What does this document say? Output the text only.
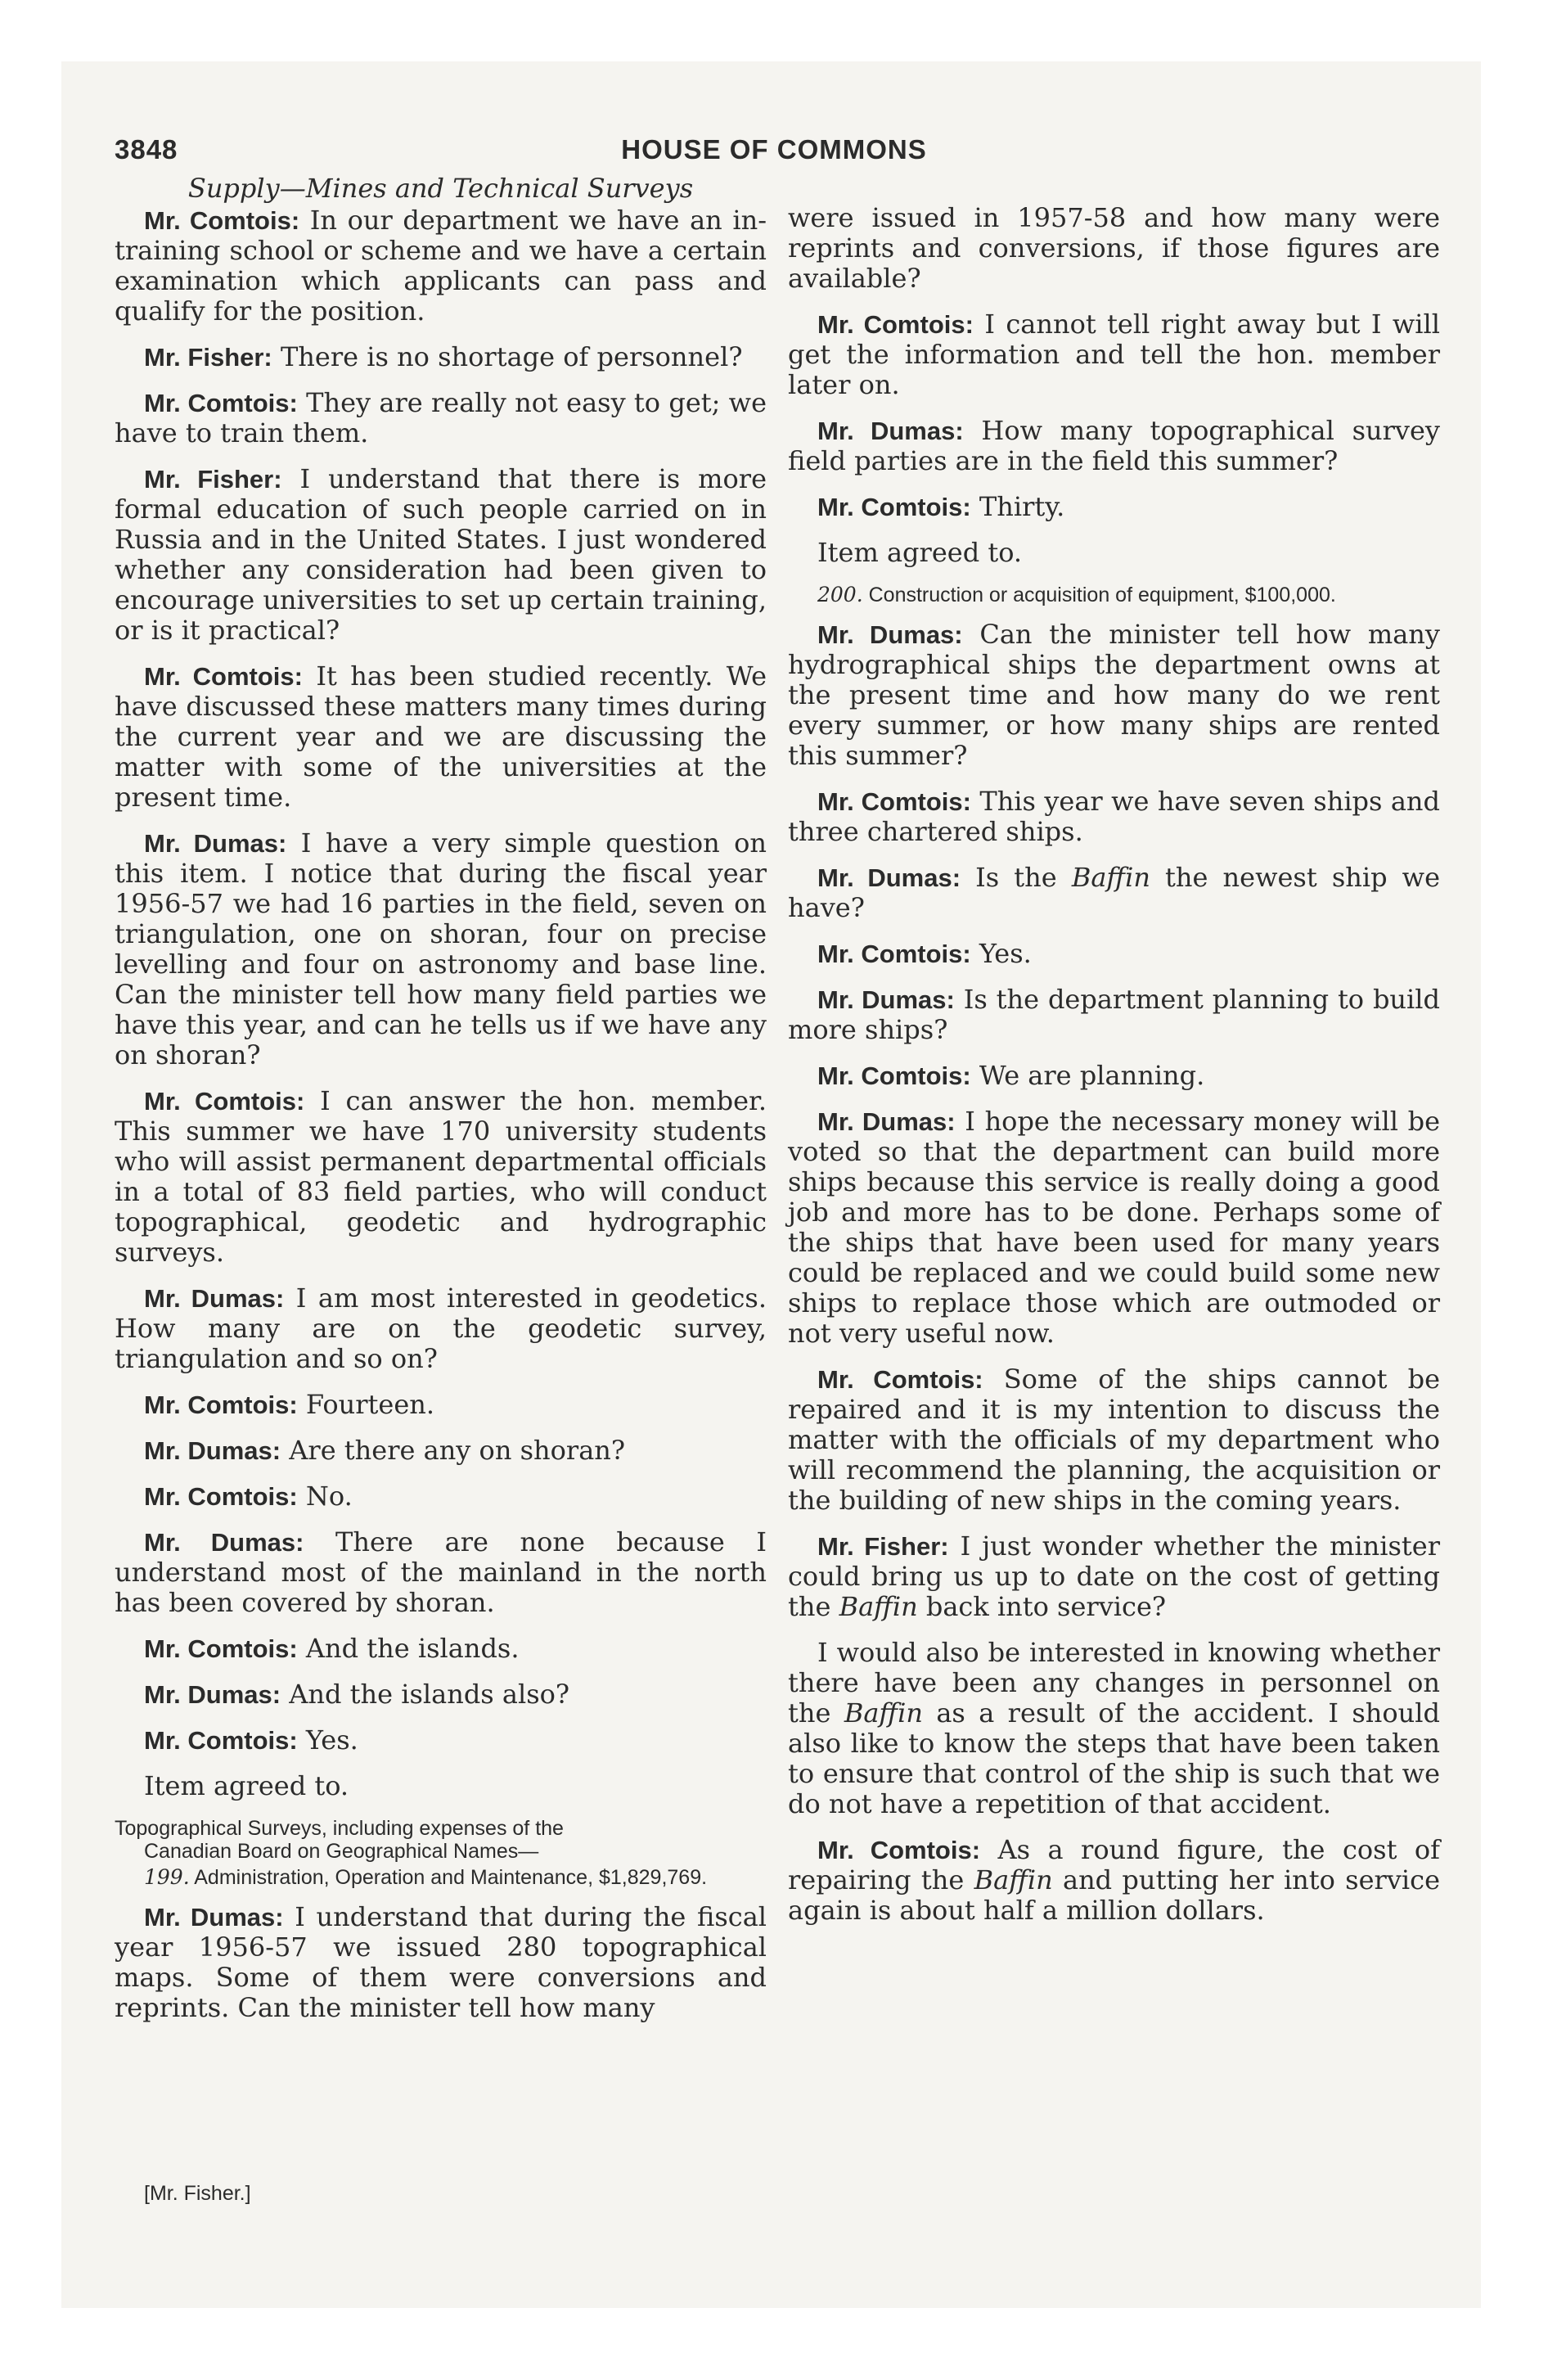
3848	HOUSE OF COMMONS
Supply—Mines and Technical Surveys

Mr. Comtois: In our department we have an in-training school or scheme and we have a certain examination which applicants can pass and qualify for the position.

Mr. Fisher: There is no shortage of personnel?

Mr. Comtois: They are really not easy to get; we have to train them.

Mr. Fisher: I understand that there is more formal education of such people carried on in Russia and in the United States. I just wondered whether any consideration had been given to encourage universities to set up certain training, or is it practical?

Mr. Comtois: It has been studied recently. We have discussed these matters many times during the current year and we are discussing the matter with some of the universities at the present time.

Mr. Dumas: I have a very simple question on this item. I notice that during the fiscal year 1956-57 we had 16 parties in the field, seven on triangulation, one on shoran, four on precise levelling and four on astronomy and base line. Can the minister tell how many field parties we have this year, and can he tells us if we have any on shoran?

Mr. Comtois: I can answer the hon. member. This summer we have 170 university students who will assist permanent departmental officials in a total of 83 field parties, who will conduct topographical, geodetic and hydrographic surveys.

Mr. Dumas: I am most interested in geodetics. How many are on the geodetic survey, triangulation and so on?

Mr. Comtois: Fourteen.

Mr. Dumas: Are there any on shoran?

Mr. Comtois: No.

Mr. Dumas: There are none because I understand most of the mainland in the north has been covered by shoran.

Mr. Comtois: And the islands.

Mr. Dumas: And the islands also?

Mr. Comtois: Yes.

Item agreed to.

Topographical Surveys, including expenses of the
Canadian Board on Geographical Names—

199. Administration, Operation and Maintenance, $1,829,769.

Mr. Dumas: I understand that during the fiscal year 1956-57 we issued 280 topographical maps. Some of them were conversions and reprints. Can the minister tell how many

were issued in 1957-58 and how many were reprints and conversions, if those figures are available?

Mr. Comtois: I cannot tell right away but I will get the information and tell the hon. member later on.

Mr. Dumas: How many topographical survey field parties are in the field this summer?

Mr. Comtois: Thirty.

Item agreed to.

200. Construction or acquisition of equipment, $100,000.

Mr. Dumas: Can the minister tell how many hydrographical ships the department owns at the present time and how many do we rent every summer, or how many ships are rented this summer?

Mr. Comtois: This year we have seven ships and three chartered ships.

Mr. Dumas: Is the Baffin the newest ship we have?

Mr. Comtois: Yes.

Mr. Dumas: Is the department planning to build more ships?

Mr. Comtois: We are planning.

Mr. Dumas: I hope the necessary money will be voted so that the department can build more ships because this service is really doing a good job and more has to be done. Perhaps some of the ships that have been used for many years could be replaced and we could build some new ships to replace those which are outmoded or not very useful now.

Mr. Comtois: Some of the ships cannot be repaired and it is my intention to discuss the matter with the officials of my department who will recommend the planning, the acquisition or the building of new ships in the coming years.

Mr. Fisher: I just wonder whether the minister could bring us up to date on the cost of getting the Baffin back into service?

I would also be interested in knowing whether there have been any changes in personnel on the Baffin as a result of the accident. I should also like to know the steps that have been taken to ensure that control of the ship is such that we do not have a repetition of that accident.

Mr. Comtois: As a round figure, the cost of repairing the Baffin and putting her into service again is about half a million dollars.

[Mr. Fisher.]
